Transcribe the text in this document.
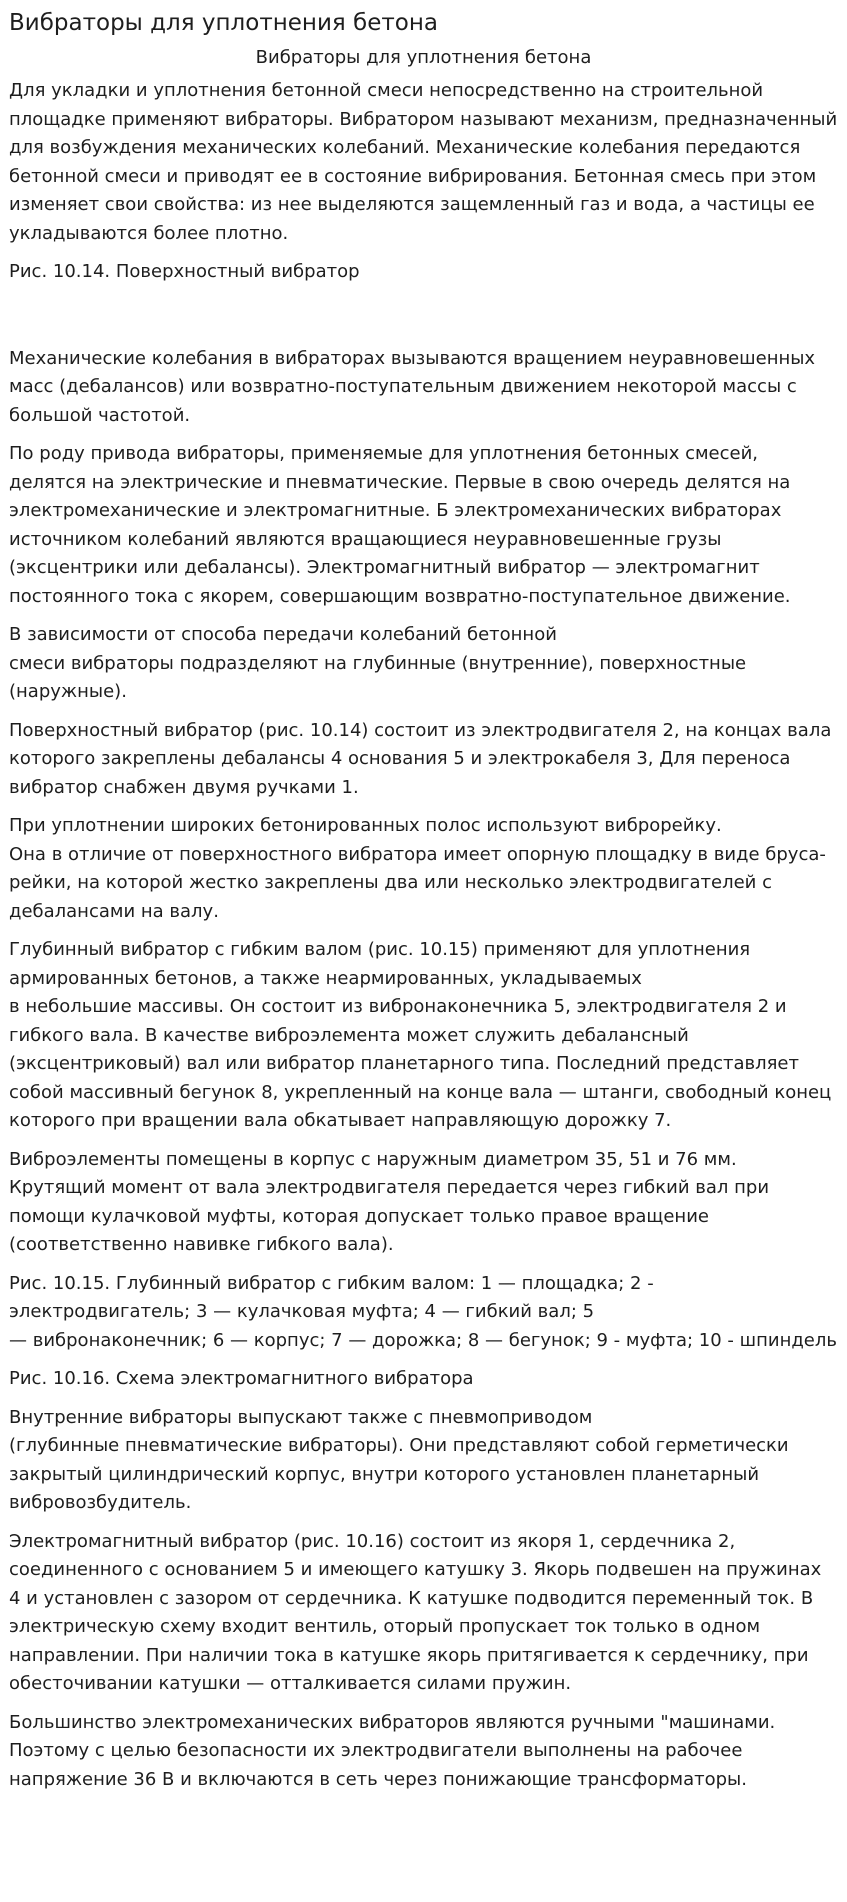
Вибраторы для уплотнения бетона
Вибраторы для уплотнения бетона
Для укладки и уплотнения бетонной смеси непосредственно на строительной площадке применяют вибраторы. Вибратором называют механизм, предназначенный для возбуждения механических колебаний. Механические колебания передаются бетонной смеси и приводят ее в состояние вибрирования. Бетонная смесь при этом изменяет свои свойства: из нее выделяются защемленный газ и вода, а частицы ее укладываются более плотно.
Рис. 10.14. Поверхностный вибратор
Механические колебания в вибраторах вызываются вращением неуравновешенных масс (дебалансов) или возвратно-поступательным движением некоторой массы с большой частотой.
По роду привода вибраторы, применяемые для уплотнения бетонных смесей, делятся на электрические и пневматические. Первые в свою очередь делятся на электромеханические и электромагнитные. Б электромеханических вибраторах источником колебаний являются вращающиеся неуравновешенные грузы (эксцентрики или дебалансы). Электромагнитный вибратор — электромагнит постоянного тока с якорем, совершающим возвратно-поступательное движение.
В зависимости от способа передачи колебаний бетонной
смеси вибраторы подразделяют на глубинные (внутренние), поверхностные (наружные).
Поверхностный вибратор (рис. 10.14) состоит из электродвигателя 2, на концах вала которого закреплены дебалансы 4 основания 5 и электрокабеля 3, Для переноса вибратор снабжен двумя ручками 1.
При уплотнении широких бетонированных полос используют виброрейку.
Она в отличие от поверхностного вибратора имеет опорную площадку в виде бруса-рейки, на которой жестко закреплены два или несколько электродвигателей с дебалансами на валу.
Глубинный вибратор с гибким валом (рис. 10.15) применяют для уплотнения армированных бетонов, а также неармированных, укладываемых
в небольшие массивы. Он состоит из вибронаконечника 5, электродвигателя 2 и гибкого вала. В качестве виброэлемента может служить дебалансный (эксцентриковый) вал или вибратор планетарного типа. Последний представляет собой массивный бегунок 8, укрепленный на конце вала — штанги, свободный конец которого при вращении вала обкатывает направляющую дорожку 7.
Виброэлементы помещены в корпус с наружным диаметром 35, 51 и 76 мм. Крутящий момент от вала электродвигателя передается через гибкий вал при помощи кулачковой муфты, которая допускает только правое вращение (соответственно навивке гибкого вала).
Рис. 10.15. Глубинный вибратор с гибким валом: 1 — площадка; 2 - электродвигатель; 3 — кулачковая муфта; 4 — гибкий вал; 5
— вибронаконечник; 6 — корпус; 7 — дорожка; 8 — бегунок; 9 - муфта; 10 - шпиндель
Рис. 10.16. Схема электромагнитного вибратора
Внутренние вибраторы выпускают также с пневмоприводом
(глубинные пневматические вибраторы). Они представляют собой герметически закрытый цилиндрический корпус, внутри которого установлен планетарный вибровозбудитель.
Электромагнитный вибратор (рис. 10.16) состоит из якоря 1, сердечника 2, соединенного с основанием 5 и имеющего катушку 3. Якорь подвешен на пружинах 4 и установлен с зазором от сердечника. К катушке подводится переменный ток. В электрическую схему входит вентиль, оторый пропускает ток только в одном направлении. При наличии тока в катушке якорь притягивается к сердечнику, при обесточивании катушки — отталкивается силами пружин.
Большинство электромеханических вибраторов являются ручными "машинами. Поэтому с целью безопасности их электродвигатели выполнены на рабочее напряжение 36 В и включаются в сеть через понижающие трансформаторы.
